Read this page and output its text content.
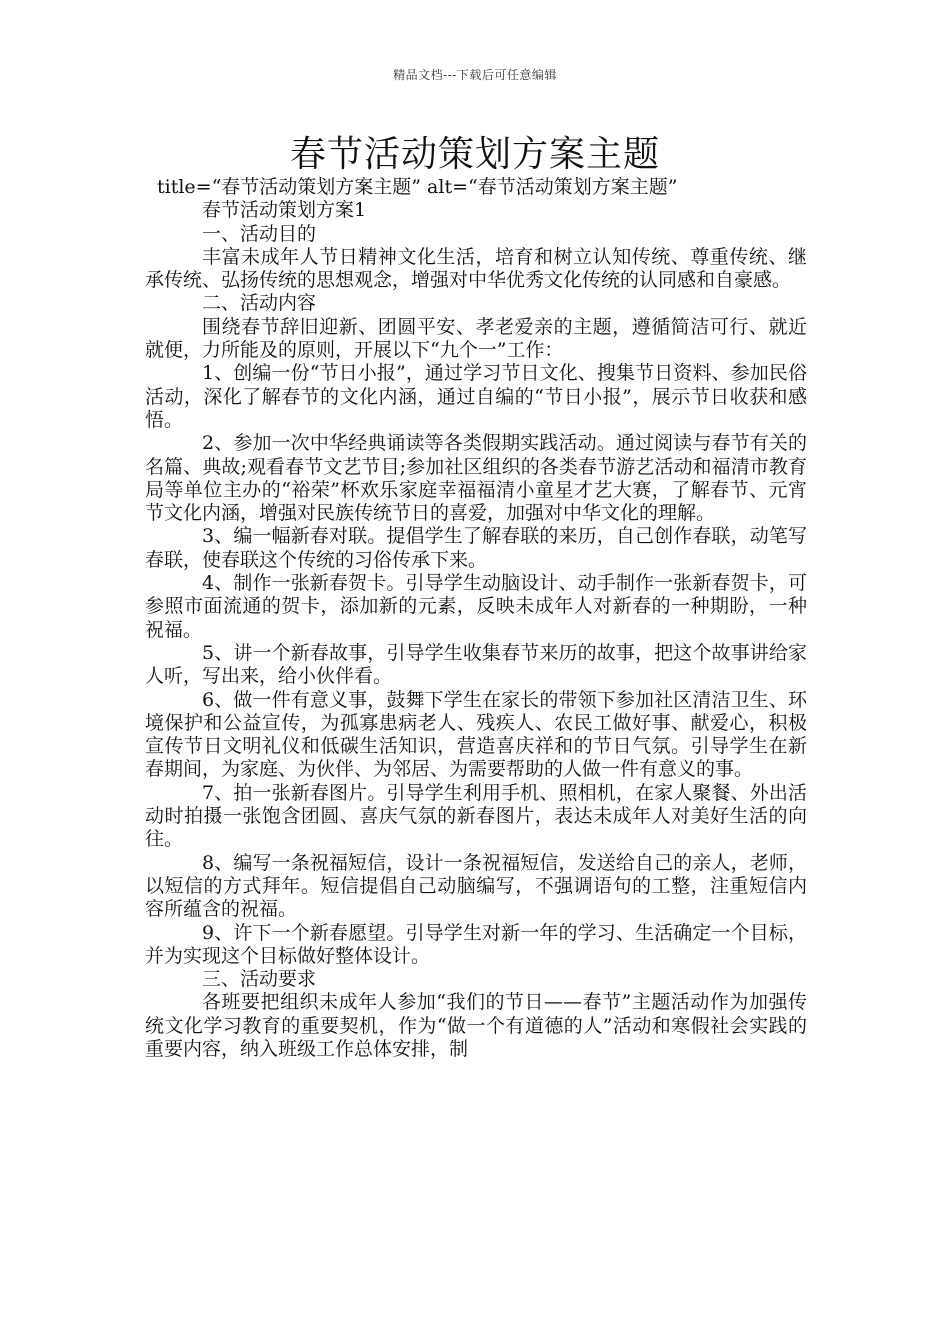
精品文档---下载后可任意编辑
春节活动策划方案主题

title=“春节活动策划方案主题” alt=“春节活动策划方案主题”

春节活动策划方案1

一、活动目的

丰富未成年人节日精神文化生活，培育和树立认知传统、尊重传统、继承传统、弘扬传统的思想观念，增强对中华优秀文化传统的认同感和自豪感。

二、活动内容

围绕春节辞旧迎新、团圆平安、孝老爱亲的主题，遵循简洁可行、就近就便，力所能及的原则，开展以下“九个一”工作：

1、创编一份“节日小报”，通过学习节日文化、搜集节日资料、参加民俗活动，深化了解春节的文化内涵，通过自编的“节日小报”，展示节日收获和感悟。

2、参加一次中华经典诵读等各类假期实践活动。通过阅读与春节有关的名篇、典故;观看春节文艺节目;参加社区组织的各类春节游艺活动和福清市教育局等单位主办的“裕荣”杯欢乐家庭幸福福清小童星才艺大赛，了解春节、元宵节文化内涵，增强对民族传统节日的喜爱，加强对中华文化的理解。

3、编一幅新春对联。提倡学生了解春联的来历，自己创作春联，动笔写春联，使春联这个传统的习俗传承下来。

4、制作一张新春贺卡。引导学生动脑设计、动手制作一张新春贺卡，可参照市面流通的贺卡，添加新的元素，反映未成年人对新春的一种期盼，一种祝福。

5、讲一个新春故事，引导学生收集春节来历的故事，把这个故事讲给家人听，写出来，给小伙伴看。

6、做一件有意义事，鼓舞下学生在家长的带领下参加社区清洁卫生、环境保护和公益宣传，为孤寡患病老人、残疾人、农民工做好事、献爱心，积极宣传节日文明礼仪和低碳生活知识，营造喜庆祥和的节日气氛。引导学生在新春期间，为家庭、为伙伴、为邻居、为需要帮助的人做一件有意义的事。

7、拍一张新春图片。引导学生利用手机、照相机，在家人聚餐、外出活动时拍摄一张饱含团圆、喜庆气氛的新春图片，表达未成年人对美好生活的向往。

8、编写一条祝福短信，设计一条祝福短信，发送给自己的亲人，老师，以短信的方式拜年。短信提倡自己动脑编写，不强调语句的工整，注重短信内容所蕴含的祝福。

9、许下一个新春愿望。引导学生对新一年的学习、生活确定一个目标，并为实现这个目标做好整体设计。

三、活动要求

各班要把组织未成年人参加“我们的节日——春节”主题活动作为加强传统文化学习教育的重要契机，作为“做一个有道德的人”活动和寒假社会实践的重要内容，纳入班级工作总体安排，制
